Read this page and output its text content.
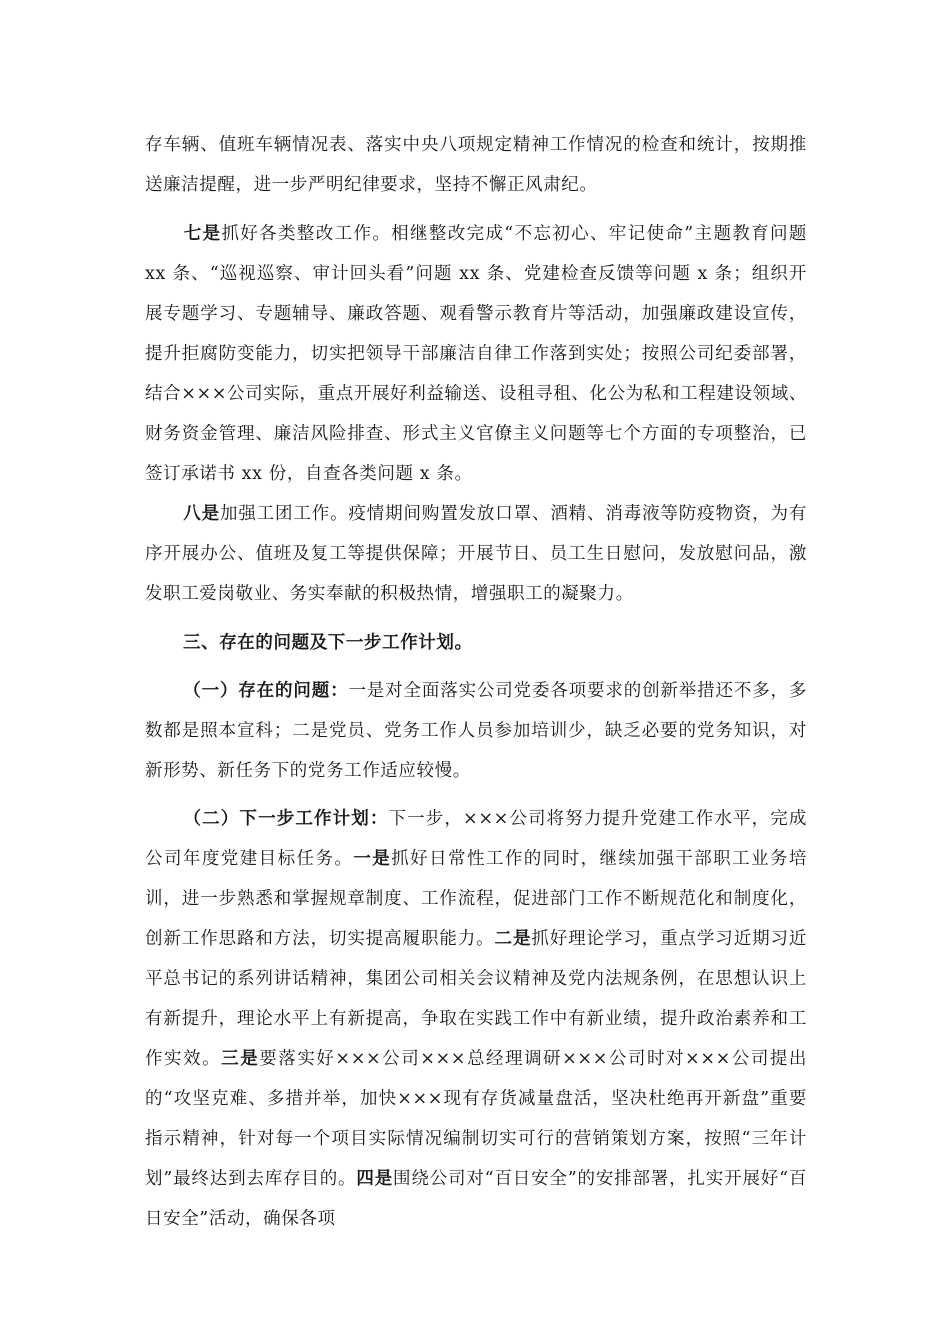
存车辆、值班车辆情况表、落实中央八项规定精神工作情况的检查和统计，按期推送廉洁提醒，进一步严明纪律要求，坚持不懈正风肃纪。

七是抓好各类整改工作。相继整改完成“不忘初心、牢记使命”主题教育问题 xx 条、“巡视巡察、审计回头看”问题 xx 条、党建检查反馈等问题 x 条；组织开展专题学习、专题辅导、廉政答题、观看警示教育片等活动，加强廉政建设宣传，提升拒腐防变能力，切实把领导干部廉洁自律工作落到实处；按照公司纪委部署，结合×××公司实际，重点开展好利益输送、设租寻租、化公为私和工程建设领域、财务资金管理、廉洁风险排查、形式主义官僚主义问题等七个方面的专项整治，已签订承诺书 xx 份，自查各类问题 x 条。

八是加强工团工作。疫情期间购置发放口罩、酒精、消毒液等防疫物资，为有序开展办公、值班及复工等提供保障；开展节日、员工生日慰问，发放慰问品，激发职工爱岗敬业、务实奉献的积极热情，增强职工的凝聚力。

三、存在的问题及下一步工作计划。

（一）存在的问题：一是对全面落实公司党委各项要求的创新举措还不多，多数都是照本宣科；二是党员、党务工作人员参加培训少，缺乏必要的党务知识，对新形势、新任务下的党务工作适应较慢。

（二）下一步工作计划：下一步，×××公司将努力提升党建工作水平，完成公司年度党建目标任务。一是抓好日常性工作的同时，继续加强干部职工业务培训，进一步熟悉和掌握规章制度、工作流程，促进部门工作不断规范化和制度化，创新工作思路和方法，切实提高履职能力。二是抓好理论学习，重点学习近期习近平总书记的系列讲话精神，集团公司相关会议精神及党内法规条例，在思想认识上有新提升，理论水平上有新提高，争取在实践工作中有新业绩，提升政治素养和工作实效。三是要落实好×××公司×××总经理调研×××公司时对×××公司提出的“攻坚克难、多措并举，加快×××现有存货减量盘活，坚决杜绝再开新盘”重要指示精神，针对每一个项目实际情况编制切实可行的营销策划方案，按照“三年计划”最终达到去库存目的。四是围绕公司对“百日安全”的安排部署，扎实开展好“百日安全”活动，确保各项
